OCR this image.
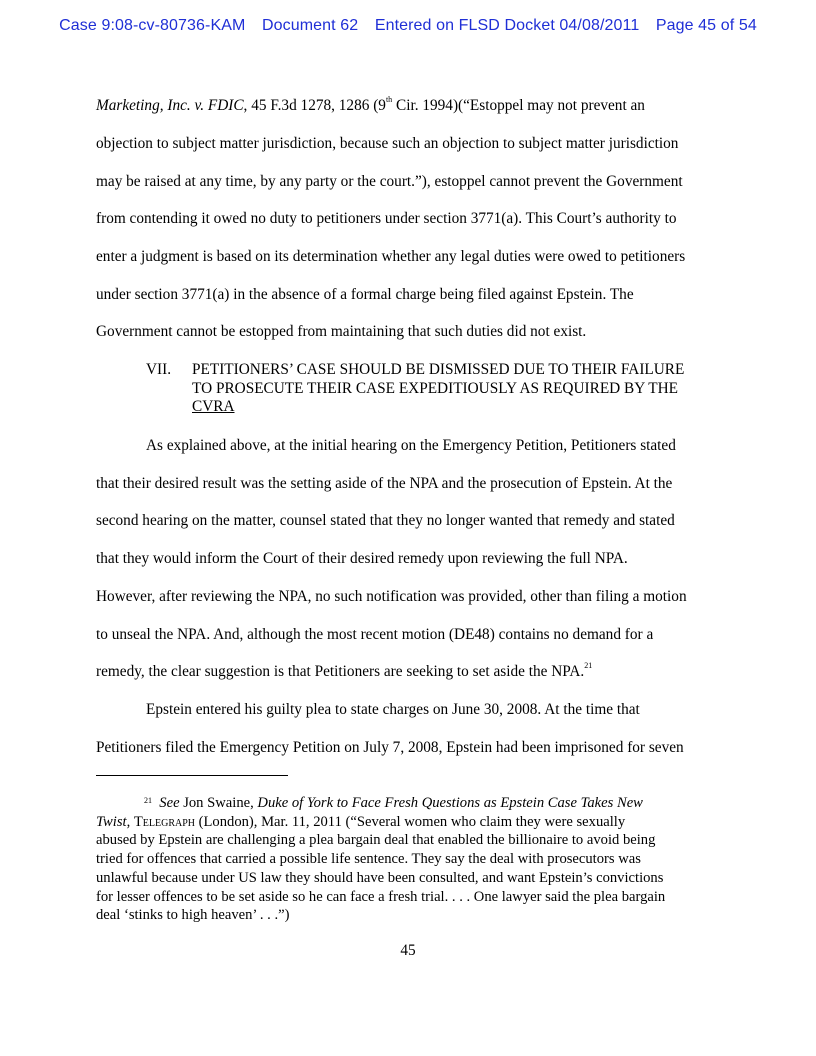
Case 9:08-cv-80736-KAM Document 62 Entered on FLSD Docket 04/08/2011 Page 45 of 54
Marketing, Inc. v. FDIC, 45 F.3d 1278, 1286 (9th Cir. 1994)(“Estoppel may not prevent an
objection to subject matter jurisdiction, because such an objection to subject matter jurisdiction
may be raised at any time, by any party or the court.”), estoppel cannot prevent the Government
from contending it owed no duty to petitioners under section 3771(a). This Court’s authority to
enter a judgment is based on its determination whether any legal duties were owed to petitioners
under section 3771(a) in the absence of a formal charge being filed against Epstein. The
Government cannot be estopped from maintaining that such duties did not exist.
VII. PETITIONERS’ CASE SHOULD BE DISMISSED DUE TO THEIR FAILURE
TO PROSECUTE THEIR CASE EXPEDITIOUSLY AS REQUIRED BY THE
CVRA
As explained above, at the initial hearing on the Emergency Petition, Petitioners stated
that their desired result was the setting aside of the NPA and the prosecution of Epstein. At the
second hearing on the matter, counsel stated that they no longer wanted that remedy and stated
that they would inform the Court of their desired remedy upon reviewing the full NPA.
However, after reviewing the NPA, no such notification was provided, other than filing a motion
to unseal the NPA. And, although the most recent motion (DE48) contains no demand for a
remedy, the clear suggestion is that Petitioners are seeking to set aside the NPA.$^{21}$
Epstein entered his guilty plea to state charges on June 30, 2008. At the time that
Petitioners filed the Emergency Petition on July 7, 2008, Epstein had been imprisoned for seven
$^{21}$ See Jon Swaine, Duke of York to Face Fresh Questions as Epstein Case Takes New
Twist, Telegraph (London), Mar. 11, 2011 (“Several women who claim they were sexually
abused by Epstein are challenging a plea bargain deal that enabled the billionaire to avoid being
tried for offences that carried a possible life sentence. They say the deal with prosecutors was
unlawful because under US law they should have been consulted, and want Epstein’s convictions
for lesser offences to be set aside so he can face a fresh trial. . . . One lawyer said the plea bargain
deal ‘stinks to high heaven’ . . .”)
45
